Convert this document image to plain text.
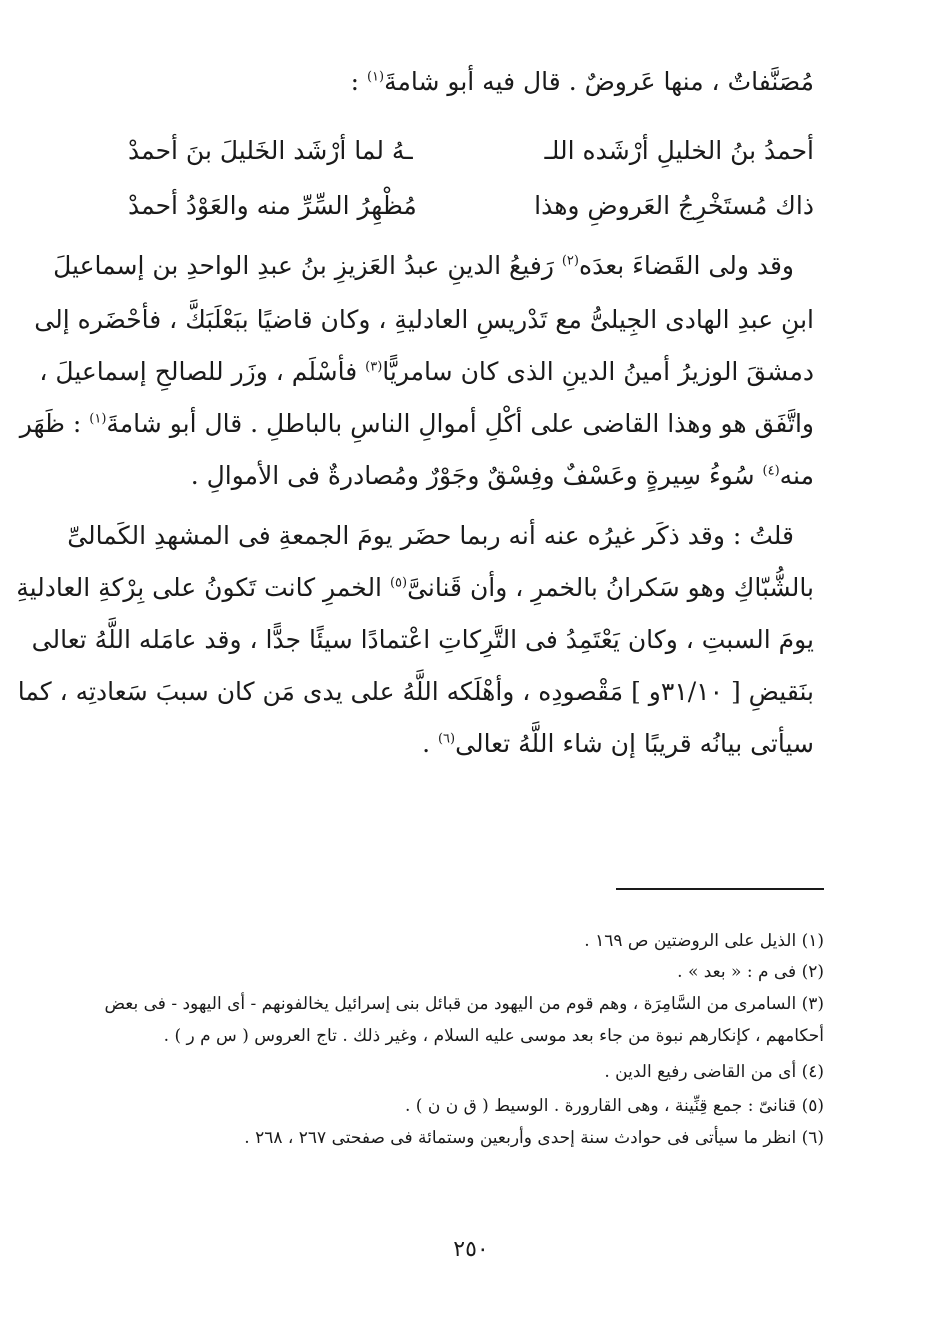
مُصَنَّفاتٌ ، منها عَروضٌ . قال فيه أبو شامةَ$^{(١)}$ :
أحمدُ بنُ الخليلِ أرْشَده اللـ
ـهُ لما أرْشَد الخَليلَ بنَ أحمدْ
ذاك مُستَخْرِجُ العَروضِ وهذا
مُظْهِرُ السِّرِّ منه والعَوْدُ أحمدْ
وقد ولى القَضاءَ بعدَه$^{(٢)}$ رَفيعُ الدينِ عبدُ العَزيزِ بنُ عبدِ الواحدِ بن إسماعيلَ
ابنِ عبدِ الهادى الجِيلىُّ مع تَدْريسِ العادليةِ ، وكان قاضيًا ببَعْلَبَكَّ ، فأحْضَره إلى
دمشقَ الوزيرُ أمينُ الدينِ الذى كان سامريًّا$^{(٣)}$ فأسْلَم ، وزَر للصالحِ إسماعيلَ ،
واتَّفَق هو وهذا القاضى على أكْلِ أموالِ الناسِ بالباطلِ . قال أبو شامةَ$^{(١)}$ : ظَهَر
منه$^{(٤)}$ سُوءُ سِيرةٍ وعَسْفٌ وفِسْقٌ وجَوْرٌ ومُصادرةٌ فى الأموالِ .
قلتُ : وقد ذكَر غيرُه عنه أنه ربما حضَر يومَ الجمعةِ فى المشهدِ الكَمالىِّ
بالشُّبّاكِ وهو سَكرانُ بالخمرِ ، وأن قَنانىَّ$^{(٥)}$ الخمرِ كانت تَكونُ على بِرْكةِ العادليةِ
يومَ السبتِ ، وكان يَعْتَمِدُ فى التَّرِكاتِ اعْتمادًا سيئًا جدًّا ، وقد عامَله اللَّهُ تعالى
بنَقيضِ [ ٣١/١٠و ] مَقْصودِه ، وأهْلَكه اللَّهُ على يدى مَن كان سببَ سَعادتِه ، كما
سيأتى بيانُه قريبًا إن شاء اللَّهُ تعالى$^{(٦)}$ .
(١) الذيل على الروضتين ص ١٦٩ .
(٢) فى م : « بعد » .
(٣) السامرى من السَّامِرَة ، وهم قوم من اليهود من قبائل بنى إسرائيل يخالفونهم - أى اليهود - فى بعض
أحكامهم ، كإنكارهم نبوة من جاء بعد موسى عليه السلام ، وغير ذلك . تاج العروس ( س م ر ) .
(٤) أى من القاضى رفيع الدين .
(٥) قنانىّ : جمع قِنِّينة ، وهى القارورة . الوسيط ( ق ن ن ) .
(٦) انظر ما سيأتى فى حوادث سنة إحدى وأربعين وستمائة فى صفحتى ٢٦٧ ، ٢٦٨ .
٢٥٠
